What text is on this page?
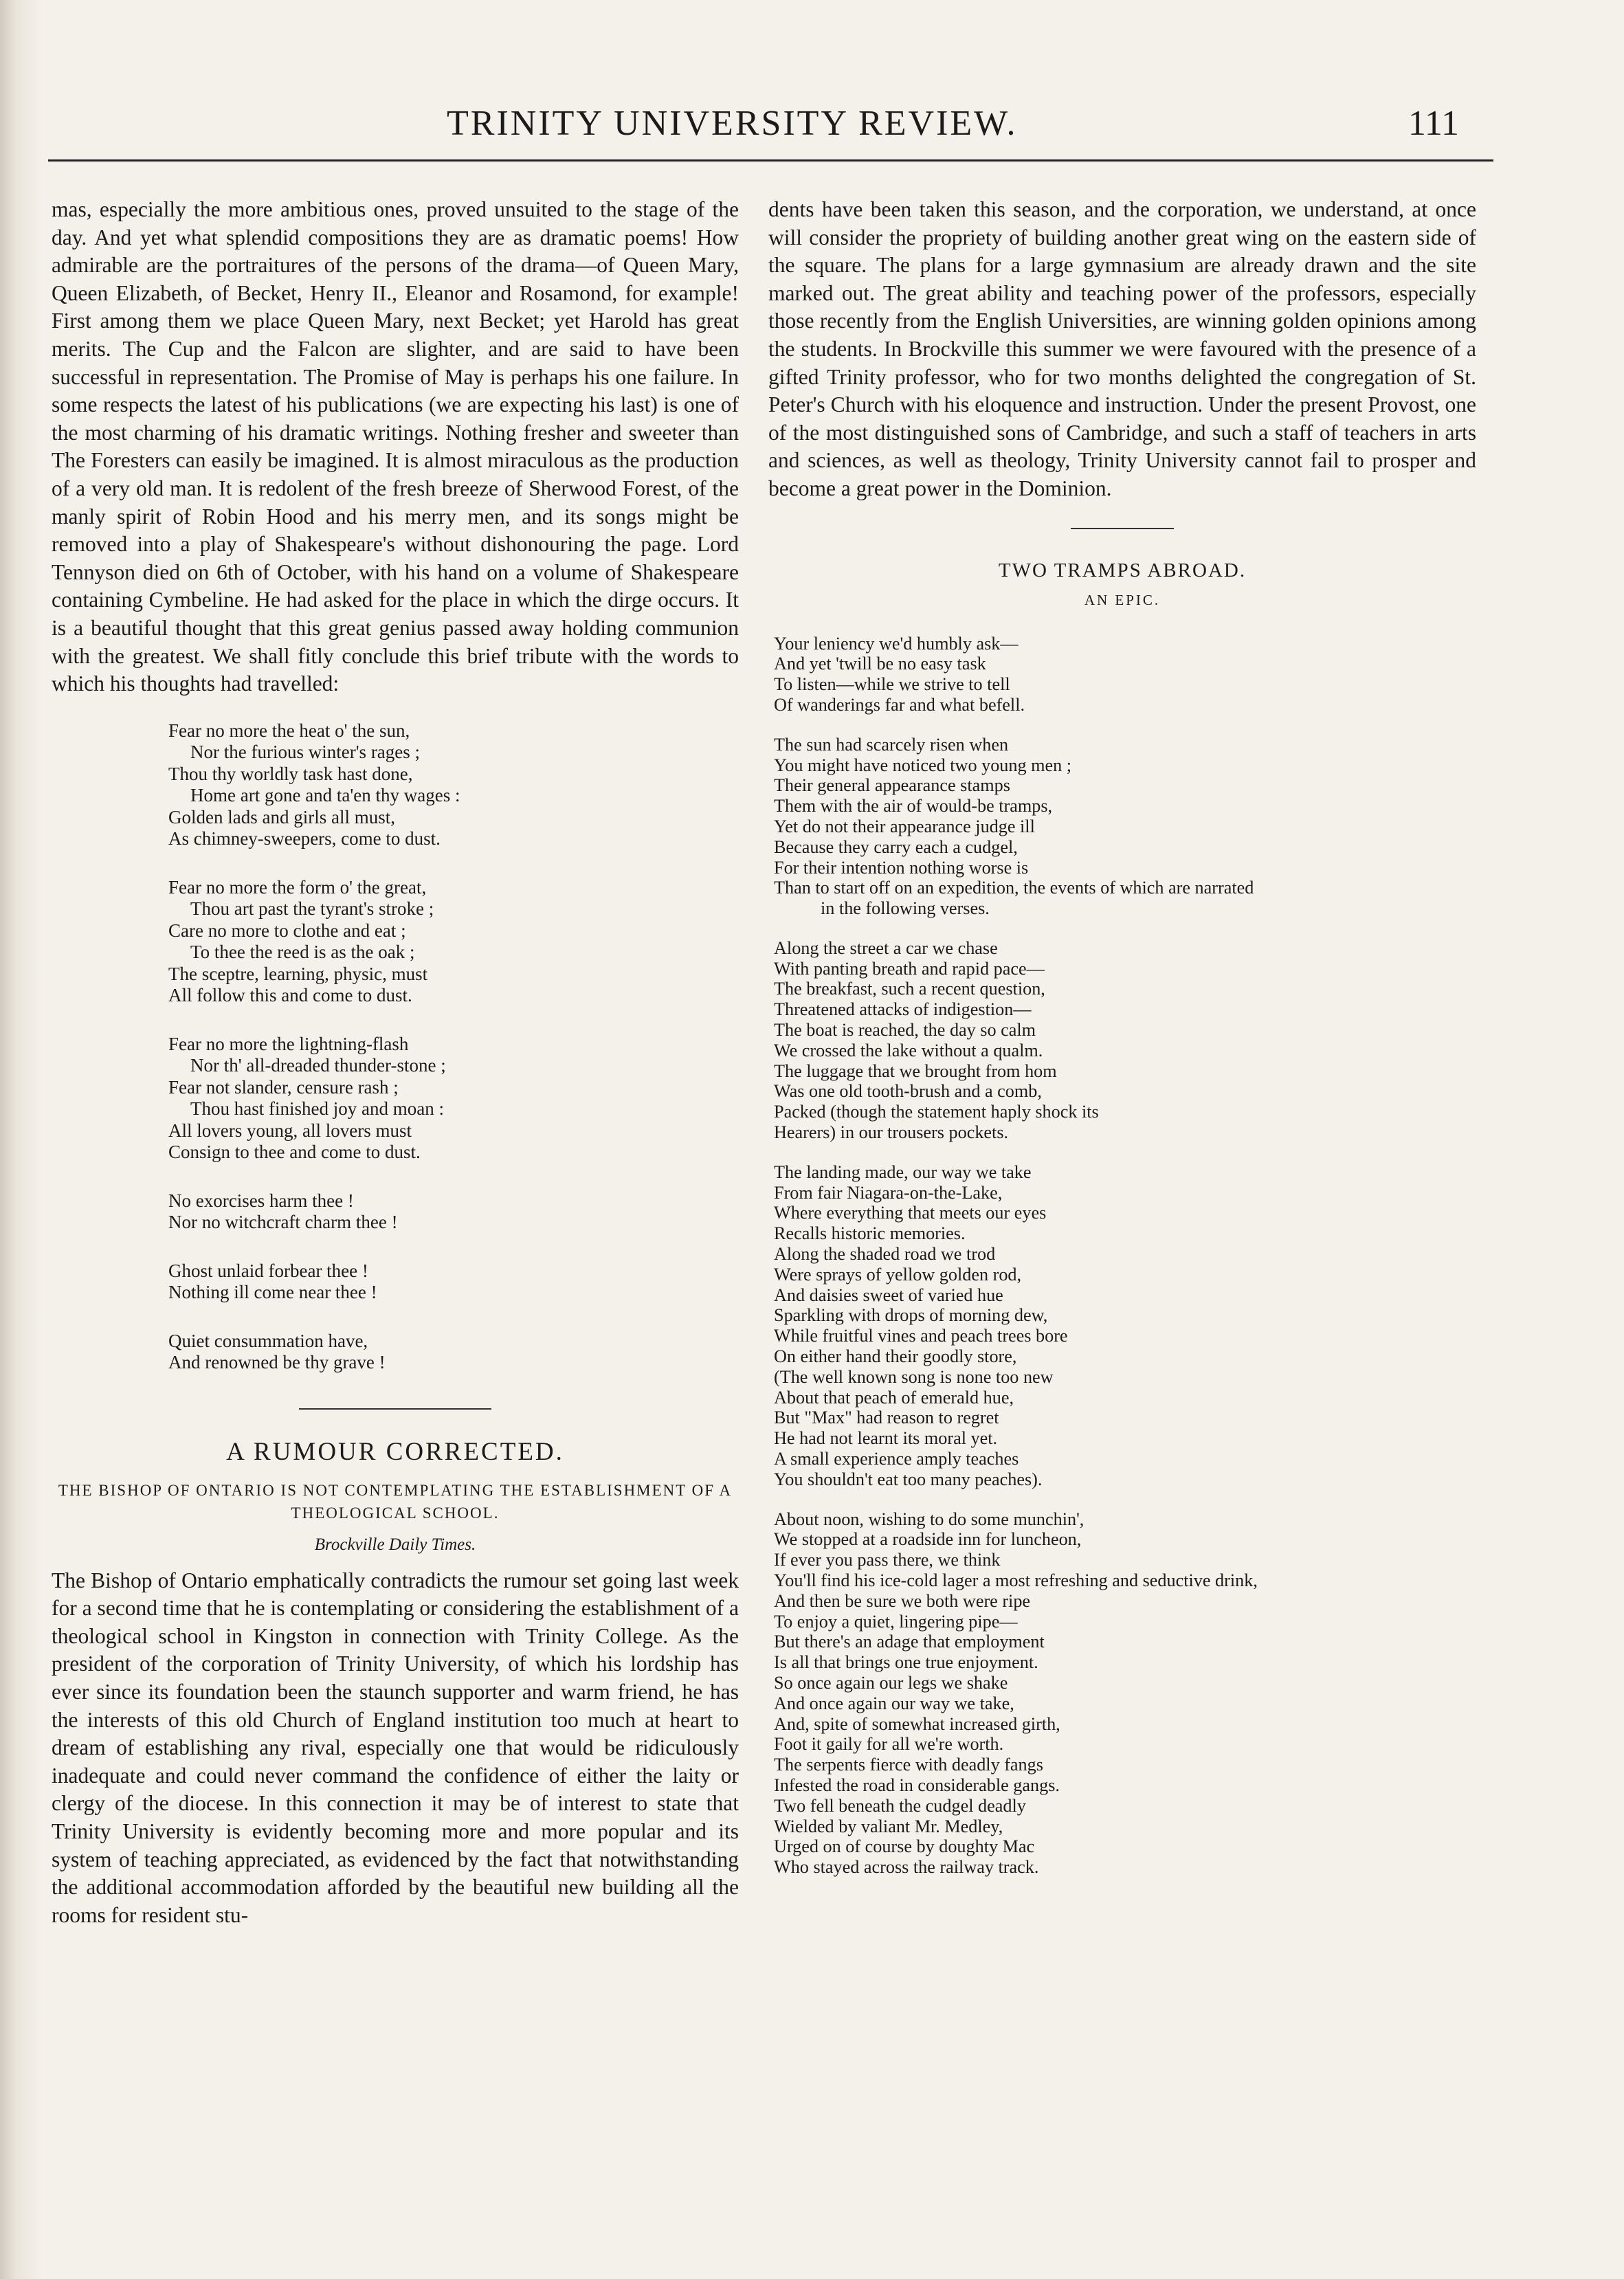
TRINITY UNIVERSITY REVIEW.	111

mas, especially the more ambitious ones, proved unsuited to the stage of the day. And yet what splendid compositions they are as dramatic poems! How admirable are the portraitures of the persons of the drama—of Queen Mary, Queen Elizabeth, of Becket, Henry II., Eleanor and Rosamond, for example! First among them we place Queen Mary, next Becket; yet Harold has great merits. The Cup and the Falcon are slighter, and are said to have been successful in representation. The Promise of May is perhaps his one failure. In some respects the latest of his publications (we are expecting his last) is one of the most charming of his dramatic writings. Nothing fresher and sweeter than The Foresters can easily be imagined. It is almost miraculous as the production of a very old man. It is redolent of the fresh breeze of Sherwood Forest, of the manly spirit of Robin Hood and his merry men, and its songs might be removed into a play of Shakespeare's without dishonouring the page. Lord Tennyson died on 6th of October, with his hand on a volume of Shakespeare containing Cymbeline. He had asked for the place in which the dirge occurs. It is a beautiful thought that this great genius passed away holding communion with the greatest. We shall fitly conclude this brief tribute with the words to which his thoughts had travelled:

Fear no more the heat o' the sun,
Nor the furious winter's rages ;
Thou thy worldly task hast done,
Home art gone and ta'en thy wages :
Golden lads and girls all must,
As chimney-sweepers, come to dust.
Fear no more the form o' the great,
Thou art past the tyrant's stroke ;
Care no more to clothe and eat ;
To thee the reed is as the oak ;
The sceptre, learning, physic, must
All follow this and come to dust.
Fear no more the lightning-flash
Nor th' all-dreaded thunder-stone ;
Fear not slander, censure rash ;
Thou hast finished joy and moan :
All lovers young, all lovers must
Consign to thee and come to dust.
No exorcises harm thee !
Nor no witchcraft charm thee !
Ghost unlaid forbear thee !
Nothing ill come near thee !
Quiet consummation have,
And renowned be thy grave !
A RUMOUR CORRECTED.

THE BISHOP OF ONTARIO IS NOT CONTEMPLATING THE ESTABLISHMENT OF A THEOLOGICAL SCHOOL.

Brockville Daily Times.

The Bishop of Ontario emphatically contradicts the rumour set going last week for a second time that he is contemplating or considering the establishment of a theological school in Kingston in connection with Trinity College. As the president of the corporation of Trinity University, of which his lordship has ever since its foundation been the staunch supporter and warm friend, he has the interests of this old Church of England institution too much at heart to dream of establishing any rival, especially one that would be ridiculously inadequate and could never command the confidence of either the laity or clergy of the diocese. In this connection it may be of interest to state that Trinity University is evidently becoming more and more popular and its system of teaching appreciated, as evidenced by the fact that notwithstanding the additional accommodation afforded by the beautiful new building all the rooms for resident stu-

dents have been taken this season, and the corporation, we understand, at once will consider the propriety of building another great wing on the eastern side of the square. The plans for a large gymnasium are already drawn and the site marked out. The great ability and teaching power of the professors, especially those recently from the English Universities, are winning golden opinions among the students. In Brockville this summer we were favoured with the presence of a gifted Trinity professor, who for two months delighted the congregation of St. Peter's Church with his eloquence and instruction. Under the present Provost, one of the most distinguished sons of Cambridge, and such a staff of teachers in arts and sciences, as well as theology, Trinity University cannot fail to prosper and become a great power in the Dominion.

TWO TRAMPS ABROAD.
AN EPIC.
Your leniency we'd humbly ask—
And yet 'twill be no easy task
To listen—while we strive to tell
Of wanderings far and what befell.
The sun had scarcely risen when
You might have noticed two young men ;
Their general appearance stamps
Them with the air of would-be tramps,
Yet do not their appearance judge ill
Because they carry each a cudgel,
For their intention nothing worse is
Than to start off on an expedition, the events of which are narrated
in the following verses.
Along the street a car we chase
With panting breath and rapid pace—
The breakfast, such a recent question,
Threatened attacks of indigestion—
The boat is reached, the day so calm
We crossed the lake without a qualm.
The luggage that we brought from hom
Was one old tooth-brush and a comb,
Packed (though the statement haply shock its
Hearers) in our trousers pockets.
The landing made, our way we take
From fair Niagara-on-the-Lake,
Where everything that meets our eyes
Recalls historic memories.
Along the shaded road we trod
Were sprays of yellow golden rod,
And daisies sweet of varied hue
Sparkling with drops of morning dew,
While fruitful vines and peach trees bore
On either hand their goodly store,
(The well known song is none too new
About that peach of emerald hue,
But "Max" had reason to regret
He had not learnt its moral yet.
A small experience amply teaches
You shouldn't eat too many peaches).
About noon, wishing to do some munchin',
We stopped at a roadside inn for luncheon,
If ever you pass there, we think
You'll find his ice-cold lager a most refreshing and seductive drink,
And then be sure we both were ripe
To enjoy a quiet, lingering pipe—
But there's an adage that employment
Is all that brings one true enjoyment.
So once again our legs we shake
And once again our way we take,
And, spite of somewhat increased girth,
Foot it gaily for all we're worth.
The serpents fierce with deadly fangs
Infested the road in considerable gangs.
Two fell beneath the cudgel deadly
Wielded by valiant Mr. Medley,
Urged on of course by doughty Mac
Who stayed across the railway track.
